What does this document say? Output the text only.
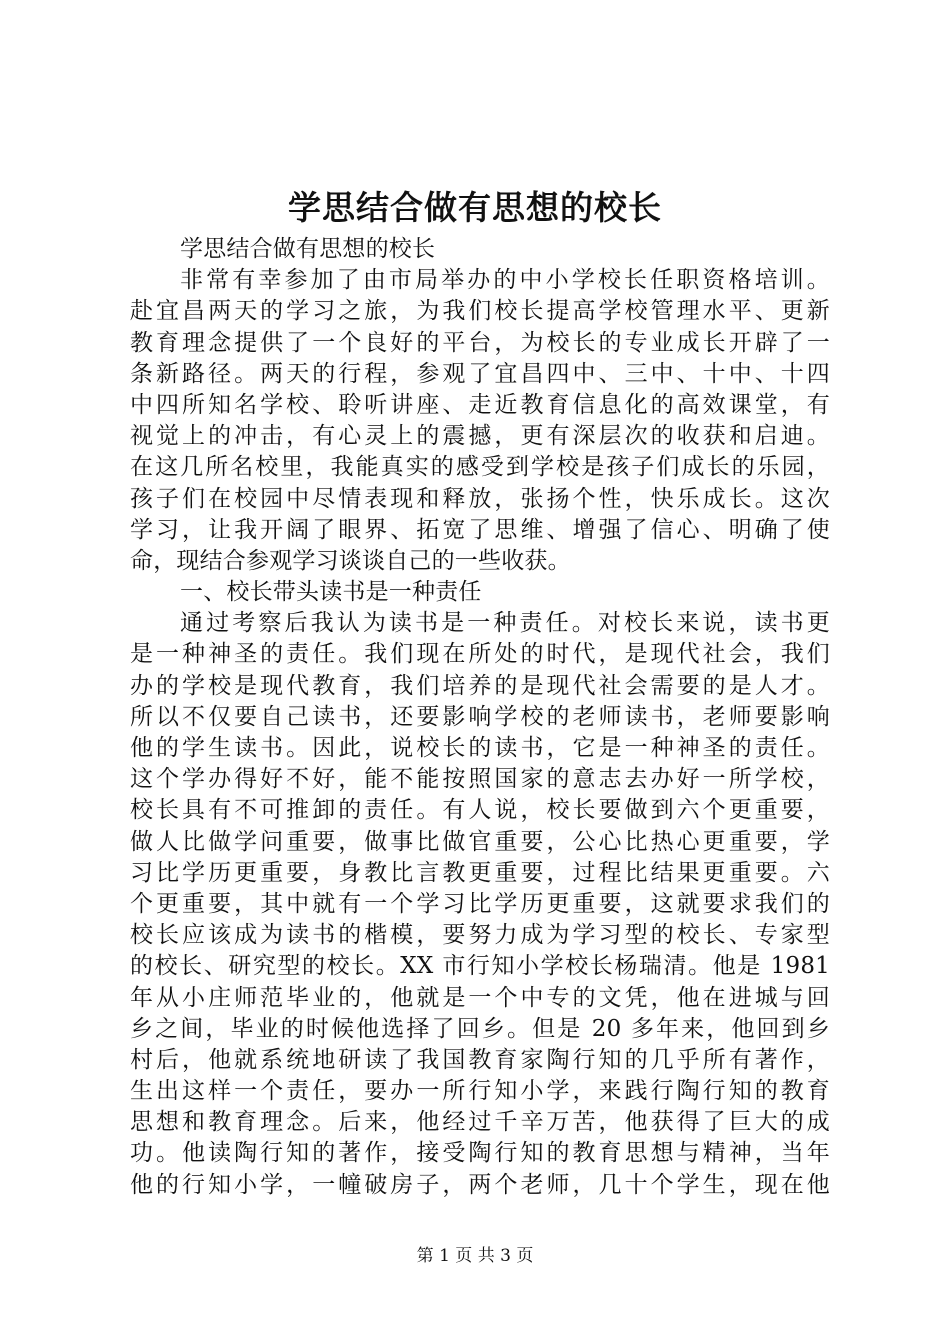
学思结合做有思想的校长
学思结合做有思想的校长
非常有幸参加了由市局举办的中小学校长任职资格培训。
赴宜昌两天的学习之旅，为我们校长提高学校管理水平、更新
教育理念提供了一个良好的平台，为校长的专业成长开辟了一
条新路径。两天的行程，参观了宜昌四中、三中、十中、十四
中四所知名学校、聆听讲座、走近教育信息化的高效课堂，有
视觉上的冲击，有心灵上的震撼，更有深层次的收获和启迪。
在这几所名校里，我能真实的感受到学校是孩子们成长的乐园，
孩子们在校园中尽情表现和释放，张扬个性，快乐成长。这次
学习，让我开阔了眼界、拓宽了思维、增强了信心、明确了使
命，现结合参观学习谈谈自己的一些收获。
一、校长带头读书是一种责任
通过考察后我认为读书是一种责任。对校长来说，读书更
是一种神圣的责任。我们现在所处的时代，是现代社会，我们
办的学校是现代教育，我们培养的是现代社会需要的是人才。
所以不仅要自己读书，还要影响学校的老师读书，老师要影响
他的学生读书。因此，说校长的读书，它是一种神圣的责任。
这个学办得好不好，能不能按照国家的意志去办好一所学校，
校长具有不可推卸的责任。有人说，校长要做到六个更重要，
做人比做学问重要，做事比做官重要，公心比热心更重要，学
习比学历更重要，身教比言教更重要，过程比结果更重要。六
个更重要，其中就有一个学习比学历更重要，这就要求我们的
校长应该成为读书的楷模，要努力成为学习型的校长、专家型
的校长、研究型的校长。XX 市行知小学校长杨瑞清。他是 1981
年从小庄师范毕业的，他就是一个中专的文凭，他在进城与回
乡之间，毕业的时候他选择了回乡。但是 20 多年来，他回到乡
村后，他就系统地研读了我国教育家陶行知的几乎所有著作，
生出这样一个责任，要办一所行知小学，来践行陶行知的教育
思想和教育理念。后来，他经过千辛万苦，他获得了巨大的成
功。他读陶行知的著作，接受陶行知的教育思想与精神，当年
他的行知小学，一幢破房子，两个老师，几十个学生，现在他
第 1 页 共 3 页
